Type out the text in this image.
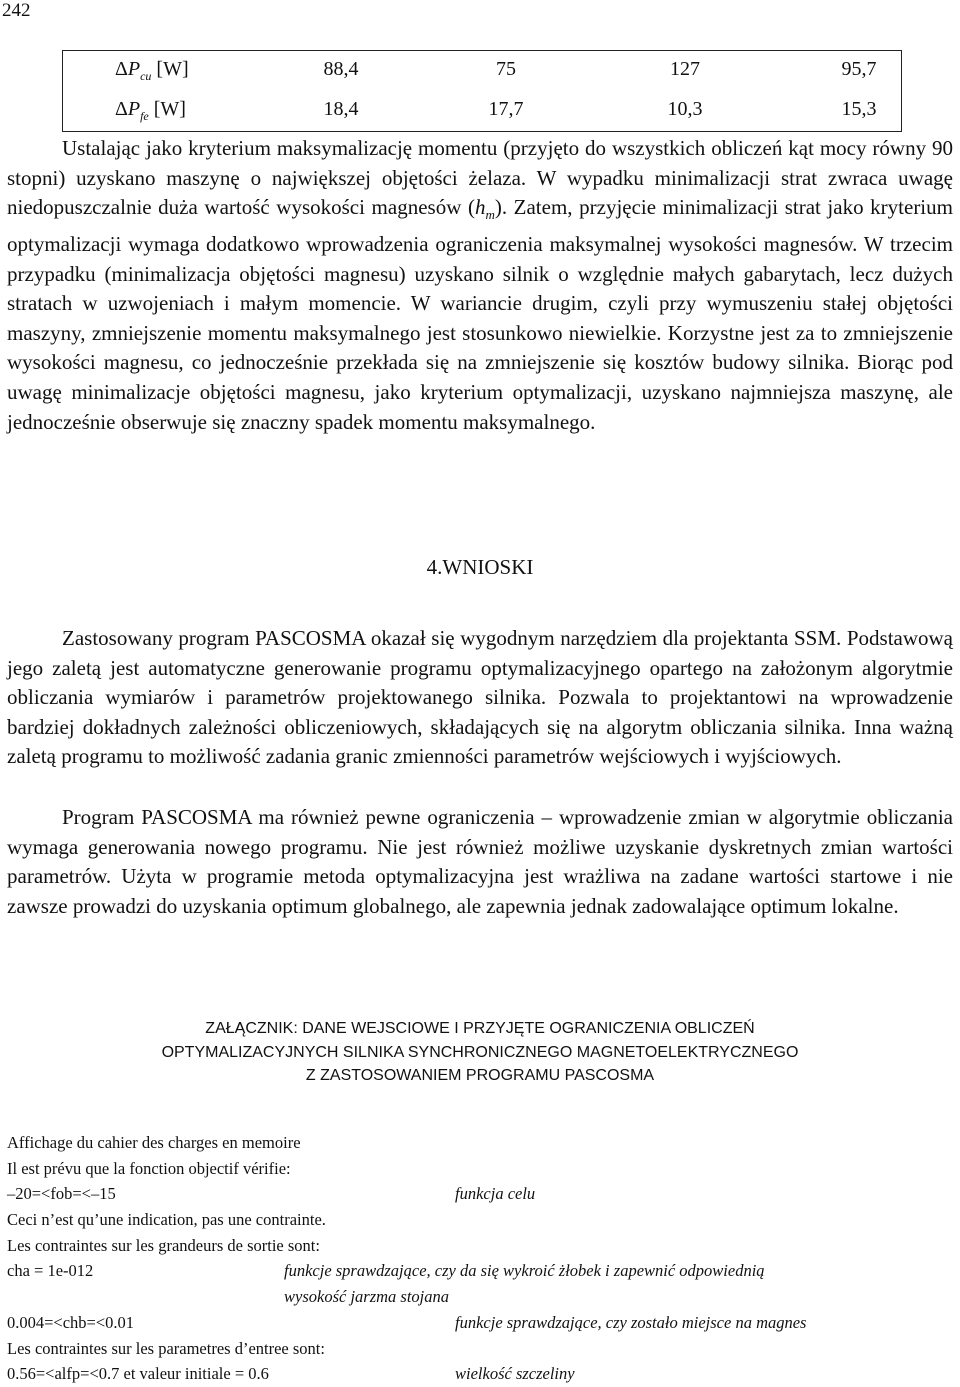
242
$\Delta P_{cu}$ [W]	88,4	75	127	95,7
$\Delta P_{fe}$ [W]	18,4	17,7	10,3	15,3

Ustalając jako kryterium maksymalizację momentu (przyjęto do wszystkich obliczeń kąt mocy równy 90 stopni) uzyskano maszynę o największej objętości żelaza. W wypadku minimalizacji strat zwraca uwagę niedopuszczalnie duża wartość wysokości magnesów $(h_m)$. Zatem, przyjęcie minimalizacji strat jako kryterium optymalizacji wymaga dodatkowo wprowadzenia ograniczenia maksymalnej wysokości magnesów. W trzecim przypadku (minimalizacja objętości magnesu) uzyskano silnik o względnie małych gabarytach, lecz dużych stratach w uzwojeniach i małym momencie. W wariancie drugim, czyli przy wymuszeniu stałej objętości maszyny, zmniejszenie momentu maksymalnego jest stosunkowo niewielkie. Korzystne jest za to zmniejszenie wysokości magnesu, co jednocześnie przekłada się na zmniejszenie się kosztów budowy silnika. Biorąc pod uwagę minimalizacje objętości magnesu, jako kryterium optymalizacji, uzyskano najmniejsza maszynę, ale jednocześnie obserwuje się znaczny spadek momentu maksymalnego.

4.WNIOSKI

Zastosowany program PASCOSMA okazał się wygodnym narzędziem dla projektanta SSM. Podstawową jego zaletą jest automatyczne generowanie programu optymalizacyjnego opartego na założonym algorytmie obliczania wymiarów i parametrów projektowanego silnika. Pozwala to projektantowi na wprowadzenie bardziej dokładnych zależności obliczeniowych, składających się na algorytm obliczania silnika. Inna ważną zaletą programu to możliwość zadania granic zmienności parametrów wejściowych i wyjściowych.

Program PASCOSMA ma również pewne ograniczenia – wprowadzenie zmian w algorytmie obliczania wymaga generowania nowego programu. Nie jest również możliwe uzyskanie dyskretnych zmian wartości parametrów. Użyta w programie metoda optymalizacyjna jest wrażliwa na zadane wartości startowe i nie zawsze prowadzi do uzyskania optimum globalnego, ale zapewnia jednak zadowalające optimum lokalne.

ZAŁĄCZNIK: DANE WEJSCIOWE I PRZYJĘTE OGRANICZENIA OBLICZEŃ
OPTYMALIZACYJNYCH SILNIKA SYNCHRONICZNEGO MAGNETOELEKTRYCZNEGO
Z ZASTOSOWANIEM PROGRAMU PASCOSMA
Affichage du cahier des charges en memoire
Il est prévu que la fonction objectif vérifie:
–20=<fob=<–15	funkcja celu
Ceci n’est qu’une indication, pas une contrainte.
Les contraintes sur les grandeurs de sortie sont:
cha = 1e-012	funkcje sprawdzające, czy da się wykroić żłobek i zapewnić odpowiednią
wysokość jarzma stojana
0.004=<chb=<0.01	funkcje sprawdzające, czy zostało miejsce na magnes
Les contraintes sur les parametres d’entree sont:
0.56=<alfp=<0.7 et valeur initiale = 0.6	wielkość szczeliny
